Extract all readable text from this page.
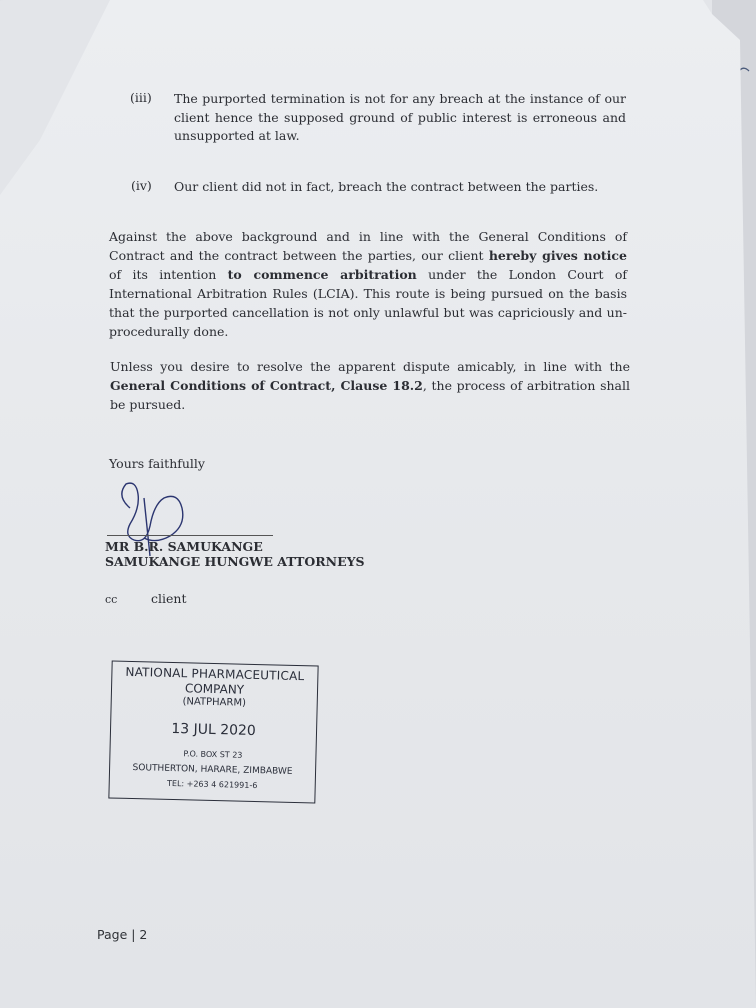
(iii) The purported termination is not for any breach at the instance of our client hence the supposed ground of public interest is erroneous and unsupported at law.
(iv) Our client did not in fact, breach the contract between the parties.
Against the above background and in line with the General Conditions of Contract and the contract between the parties, our client hereby gives notice of its intention to commence arbitration under the London Court of International Arbitration Rules (LCIA). This route is being pursued on the basis that the purported cancellation is not only unlawful but was capriciously and un-procedurally done.
Unless you desire to resolve the apparent dispute amicably, in line with the General Conditions of Contract, Clause 18.2, the process of arbitration shall be pursued.
Yours faithfully
MR B.R. SAMUKANGE
SAMUKANGE HUNGWE ATTORNEYS
cc	client
NATIONAL PHARMACEUTICAL
COMPANY
(NATPHARM)
13 JUL 2020
P.O. BOX ST 23
SOUTHERTON, HARARE, ZIMBABWE
TEL: +263 4 621991-6
Page | 2
